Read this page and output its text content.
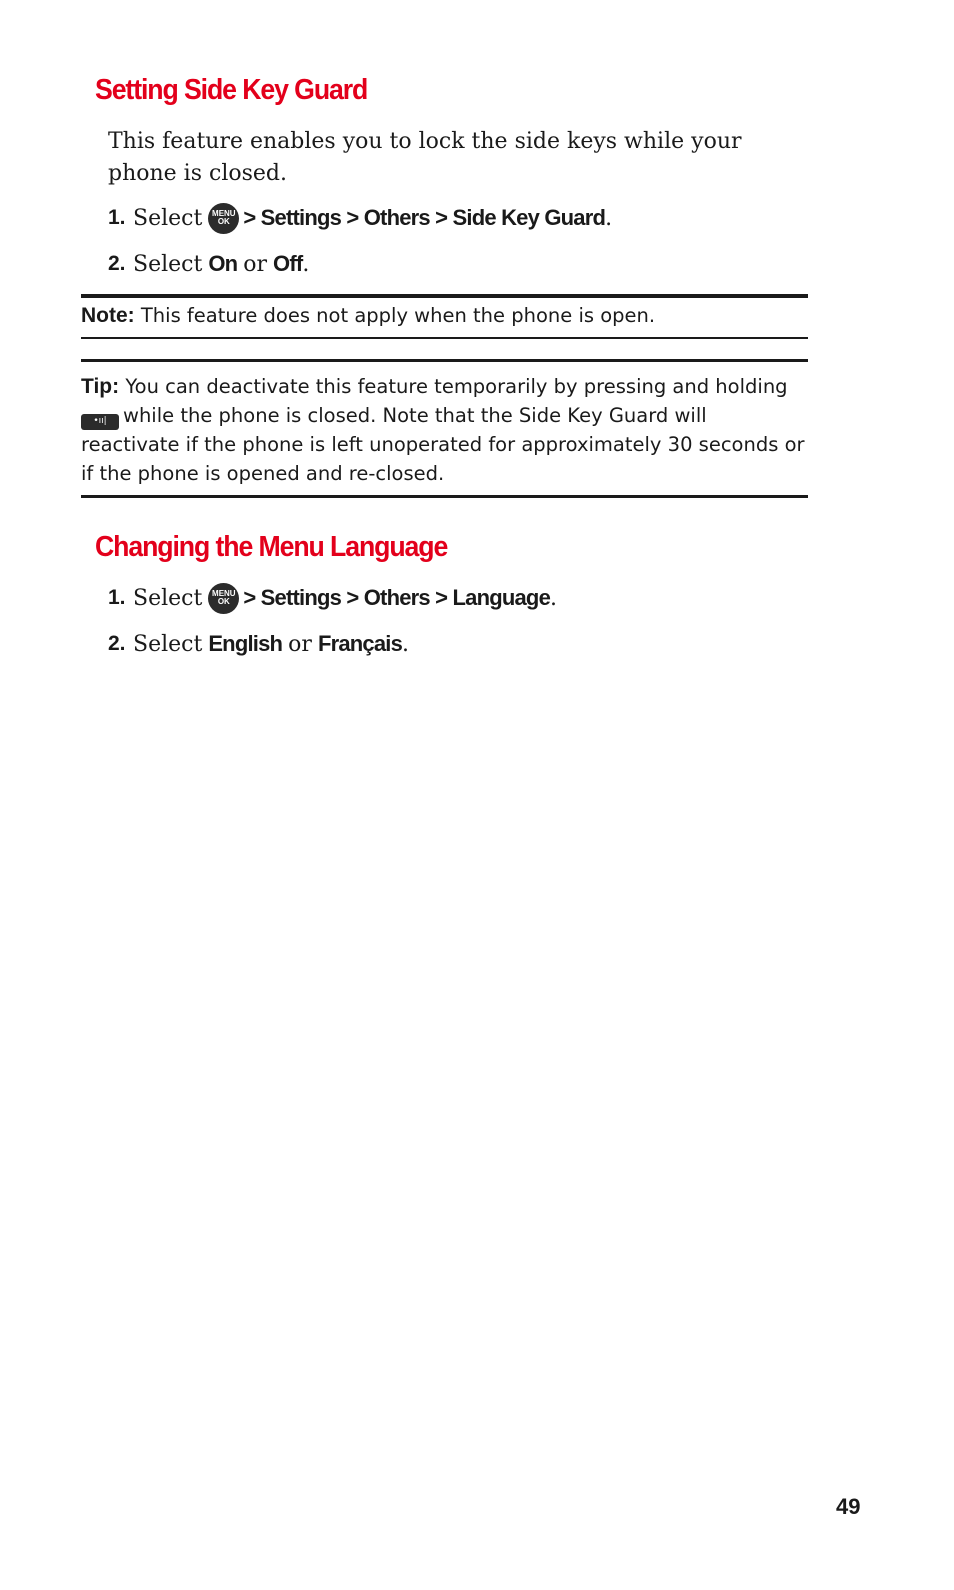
Setting Side Key Guard

This feature enables you to lock the side keys while your phone is closed.

1. Select MENU
OK > Settings > Others > Side Key Guard .
2. Select On or Off .

Note: This feature does not apply when the phone is open.

Tip: You can deactivate this feature temporarily by pressing and holding •ıı| while the phone is closed. Note that the Side Key Guard will reactivate if the phone is left unoperated for approximately 30 seconds or if the phone is opened and re-closed.

Changing the Menu Language
1. Select MENU
OK > Settings > Others > Language .
2. Select English or Français .
49
